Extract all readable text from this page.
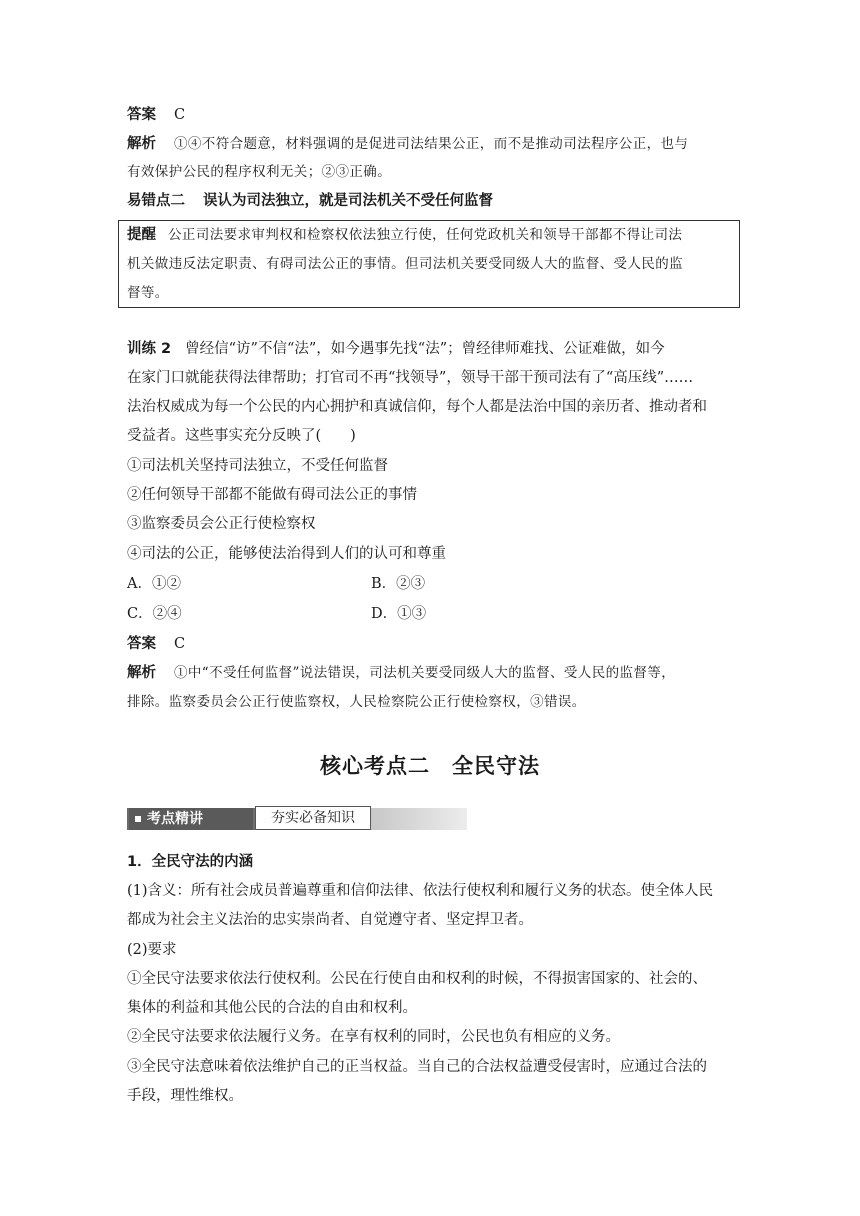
答案 C
解析 ①④不符合题意，材料强调的是促进司法结果公正，而不是推动司法程序公正，也与
有效保护公民的程序权利无关；②③正确。
易错点二 误认为司法独立，就是司法机关不受任何监督
提醒 公正司法要求审判权和检察权依法独立行使，任何党政机关和领导干部都不得让司法
机关做违反法定职责、有碍司法公正的事情。但司法机关要受同级人大的监督、受人民的监
督等。
训练 2 曾经信“访”不信“法”，如今遇事先找“法”；曾经律师难找、公证难做，如今
在家门口就能获得法律帮助；打官司不再“找领导”，领导干部干预司法有了“高压线”……
法治权威成为每一个公民的内心拥护和真诚信仰，每个人都是法治中国的亲历者、推动者和
受益者。这些事实充分反映了(　　)
①司法机关坚持司法独立，不受任何监督
②任何领导干部都不能做有碍司法公正的事情
③监察委员会公正行使检察权
④司法的公正，能够使法治得到人们的认可和尊重
A．①②	B．②③
C．②④	D．①③
答案 C
解析 ①中“不受任何监督”说法错误，司法机关要受同级人大的监督、受人民的监督等，
排除。监察委员会公正行使监察权，人民检察院公正行使检察权，③错误。
核心考点二　全民守法
考点精讲	夯实必备知识
1．全民守法的内涵
(1)含义：所有社会成员普遍尊重和信仰法律、依法行使权利和履行义务的状态。使全体人民
都成为社会主义法治的忠实崇尚者、自觉遵守者、坚定捍卫者。
(2)要求
①全民守法要求依法行使权利。公民在行使自由和权利的时候，不得损害国家的、社会的、
集体的利益和其他公民的合法的自由和权利。
②全民守法要求依法履行义务。在享有权利的同时，公民也负有相应的义务。
③全民守法意味着依法维护自己的正当权益。当自己的合法权益遭受侵害时，应通过合法的
手段，理性维权。
